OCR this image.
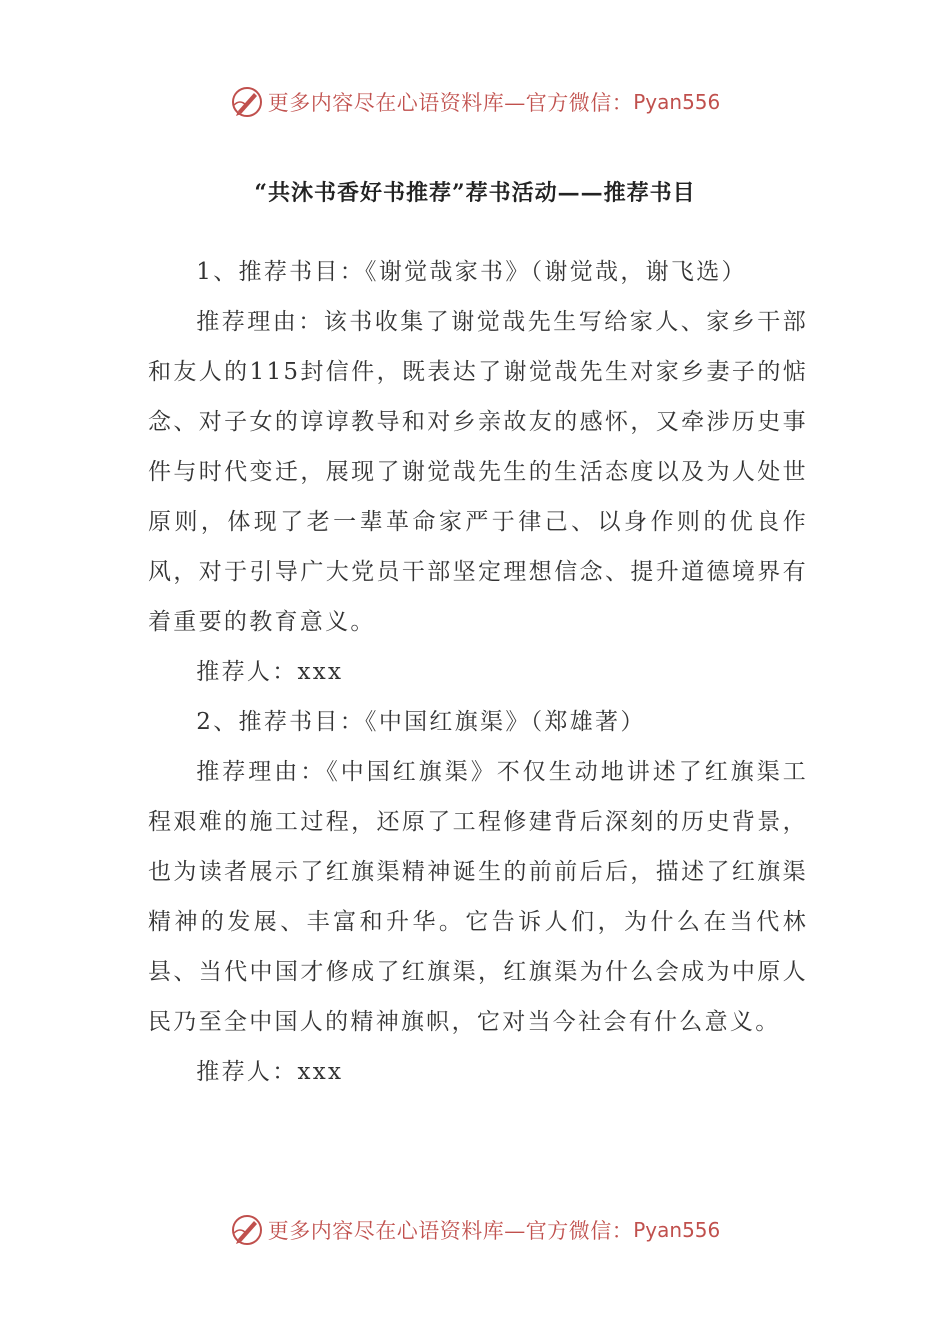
更多内容尽在心语资料库—官方微信： Pyan556
“共沐书香好书推荐”荐书活动——推荐书目

1、推荐书目：《谢觉哉家书》（谢觉哉，谢飞选）

推荐理由：该书收集了谢觉哉先生写给家人、家乡干部和友人的115封信件，既表达了谢觉哉先生对家乡妻子的惦念、对子女的谆谆教导和对乡亲故友的感怀，又牵涉历史事件与时代变迁，展现了谢觉哉先生的生活态度以及为人处世原则，体现了老一辈革命家严于律己、以身作则的优良作风，对于引导广大党员干部坚定理想信念、提升道德境界有着重要的教育意义。

推荐人：xxx

2、推荐书目：《中国红旗渠》（郑雄著）

推荐理由：《中国红旗渠》不仅生动地讲述了红旗渠工程艰难的施工过程，还原了工程修建背后深刻的历史背景，也为读者展示了红旗渠精神诞生的前前后后，描述了红旗渠精神的发展、丰富和升华。它告诉人们，为什么在当代林县、当代中国才修成了红旗渠，红旗渠为什么会成为中原人民乃至全中国人的精神旗帜，它对当今社会有什么意义。

推荐人：xxx

更多内容尽在心语资料库—官方微信： Pyan556
